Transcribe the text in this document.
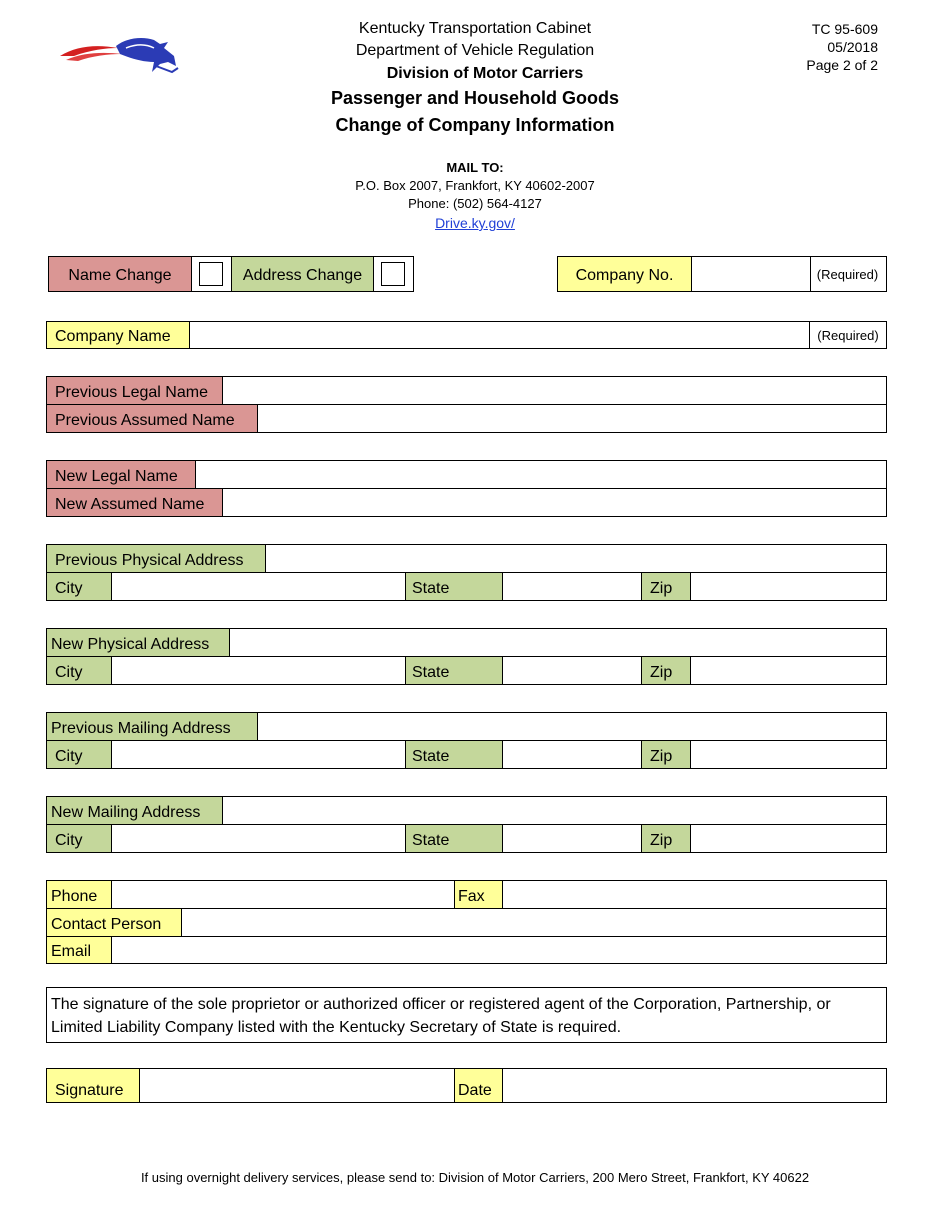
Kentucky Transportation Cabinet
Department of Vehicle Regulation
Division of Motor Carriers
Passenger and Household Goods
Change of Company Information
TC 95-609
05/2018
Page 2 of 2
MAIL TO:
P.O. Box 2007, Frankfort, KY 40602-2007
Phone: (502) 564-4127
Drive.ky.gov/
Name Change	Address Change	Company No.	(Required)
Company Name	(Required)
Previous Legal Name
Previous Assumed Name
New Legal Name
New Assumed Name
Previous Physical Address
City	State	Zip
New Physical Address
City	State	Zip
Previous Mailing Address
City	State	Zip
New Mailing Address
City	State	Zip
Phone	Fax
Contact Person
Email
The signature of the sole proprietor or authorized officer or registered agent of the Corporation, Partnership, or Limited Liability Company listed with the Kentucky Secretary of State is required.
Signature	Date
If using overnight delivery services, please send to: Division of Motor Carriers, 200 Mero Street, Frankfort, KY 40622
